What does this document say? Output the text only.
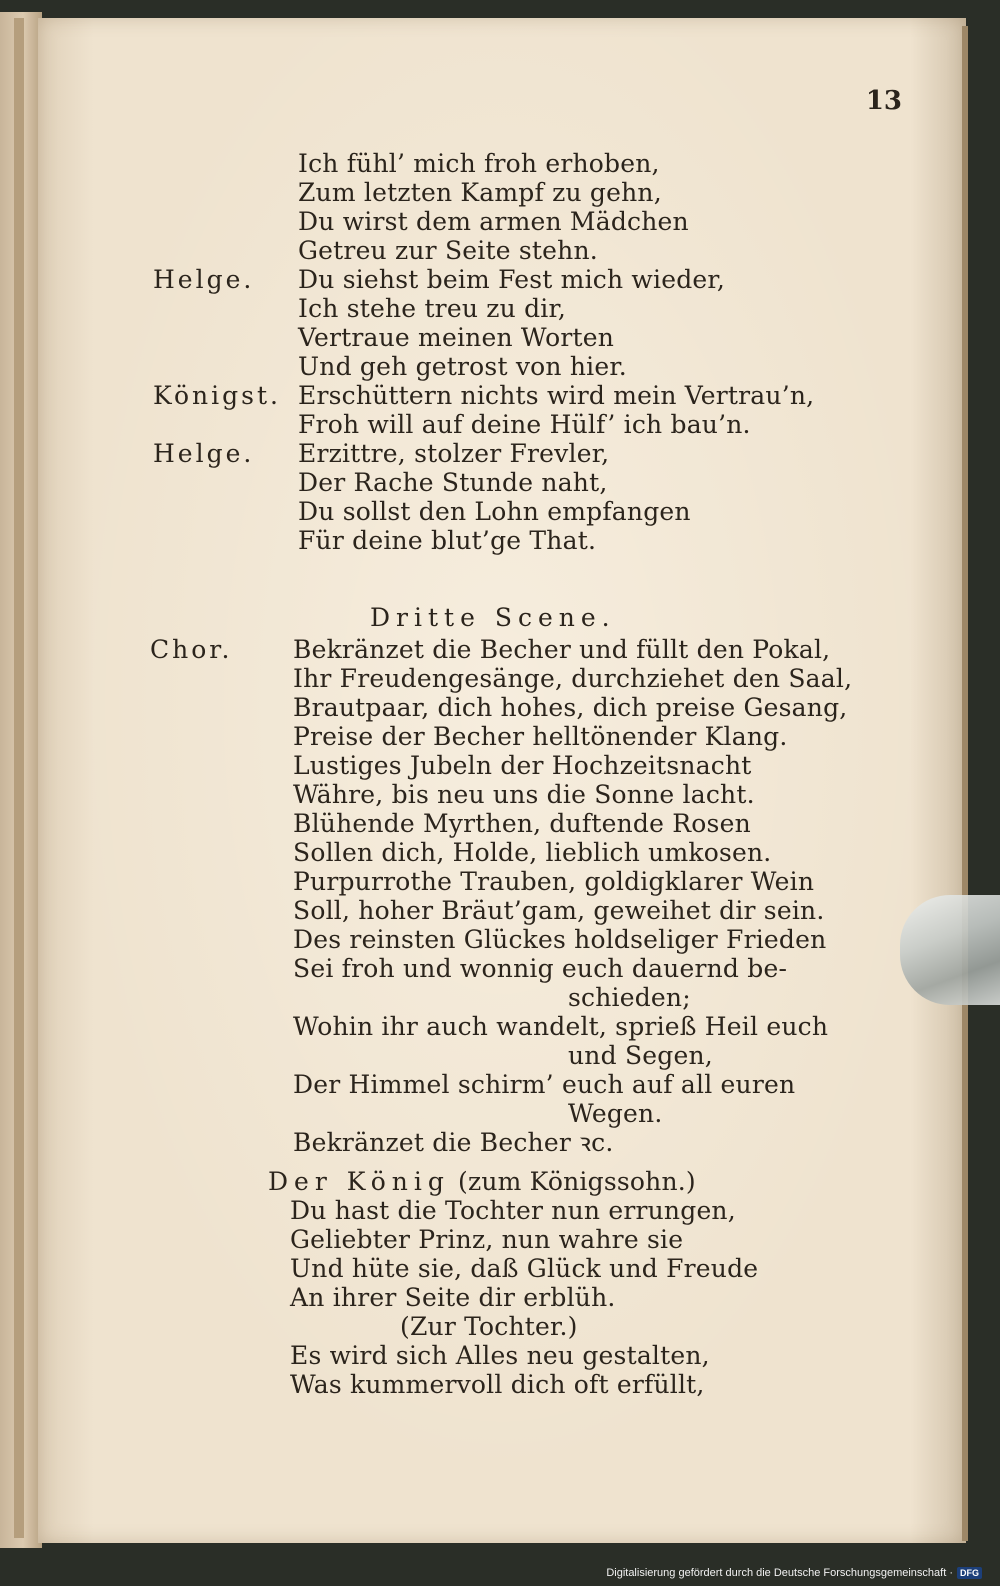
13
Ich fühl’ mich froh erhoben,
Zum letzten Kampf zu gehn,
Du wirst dem armen Mädchen
Getreu zur Seite stehn.
Helge. Du siehst beim Fest mich wieder,
Ich stehe treu zu dir,
Vertraue meinen Worten
Und geh getrost von hier.
Königst. Erschüttern nichts wird mein Vertrau’n,
Froh will auf deine Hülf’ ich bau’n.
Helge. Erzittre, stolzer Frevler,
Der Rache Stunde naht,
Du sollst den Lohn empfangen
Für deine blut’ge That.
Dritte Scene.
Chor. Bekränzet die Becher und füllt den Pokal,
Ihr Freudengesänge, durchziehet den Saal,
Brautpaar, dich hohes, dich preise Gesang,
Preise der Becher helltönender Klang.
Lustiges Jubeln der Hochzeitsnacht
Währe, bis neu uns die Sonne lacht.
Blühende Myrthen, duftende Rosen
Sollen dich, Holde, lieblich umkosen.
Purpurrothe Trauben, goldigklarer Wein
Soll, hoher Bräut’gam, geweihet dir sein.
Des reinsten Glückes holdseliger Frieden
Sei froh und wonnig euch dauernd be-
schieden;
Wohin ihr auch wandelt, sprieß Heil euch
und Segen,
Der Himmel schirm’ euch auf all euren
Wegen.
Bekränzet die Becher ꝛc.
Der König (zum Königssohn.)
Du hast die Tochter nun errungen,
Geliebter Prinz, nun wahre sie
Und hüte sie, daß Glück und Freude
An ihrer Seite dir erblüh.
(Zur Tochter.)
Es wird sich Alles neu gestalten,
Was kummervoll dich oft erfüllt,
Digitalisierung gefördert durch die Deutsche Forschungsgemeinschaft · DFG
